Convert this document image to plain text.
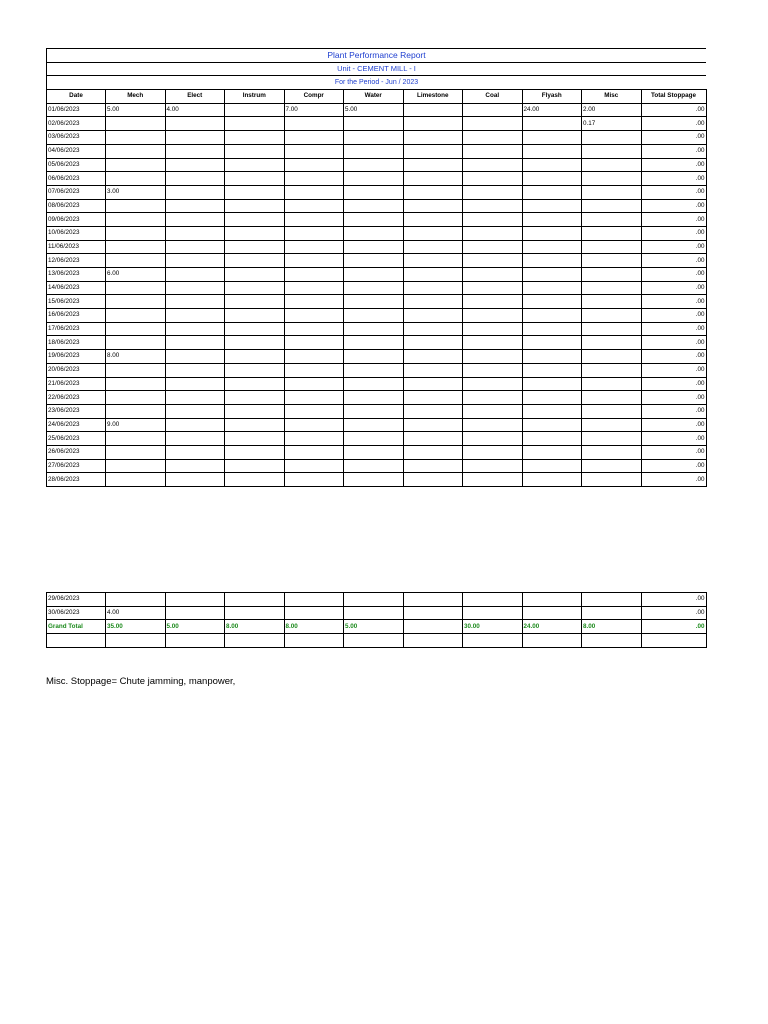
Plant Performance Report										
Unit - CEMENT MILL - I										
For the Period - Jun / 2023										
Date	Mech	Elect	Instrum	Compr	Water	Limestone	Coal	Flyash	Misc	Total Stoppage
01/06/2023	5.00	4.00		7.00	5.00			24.00	2.00	.00
02/06/2023									0.17	.00
03/06/2023										.00
04/06/2023										.00
05/06/2023										.00
06/06/2023										.00
07/06/2023	3.00									.00
08/06/2023										.00
09/06/2023										.00
10/06/2023										.00
11/06/2023										.00
12/06/2023										.00
13/06/2023	6.00									.00
14/06/2023										.00
15/06/2023										.00
16/06/2023										.00
17/06/2023										.00
18/06/2023										.00
19/06/2023	8.00									.00
20/06/2023										.00
21/06/2023										.00
22/06/2023										.00
23/06/2023										.00
24/06/2023	9.00									.00
25/06/2023										.00
26/06/2023										.00
27/06/2023										.00
28/06/2023										.00
29/06/2023										.00
30/06/2023	4.00									.00
Grand Total	35.00	5.00	8.00	8.00	5.00		30.00	24.00	8.00	.00

Misc. Stoppage= Chute jamming, manpower,
